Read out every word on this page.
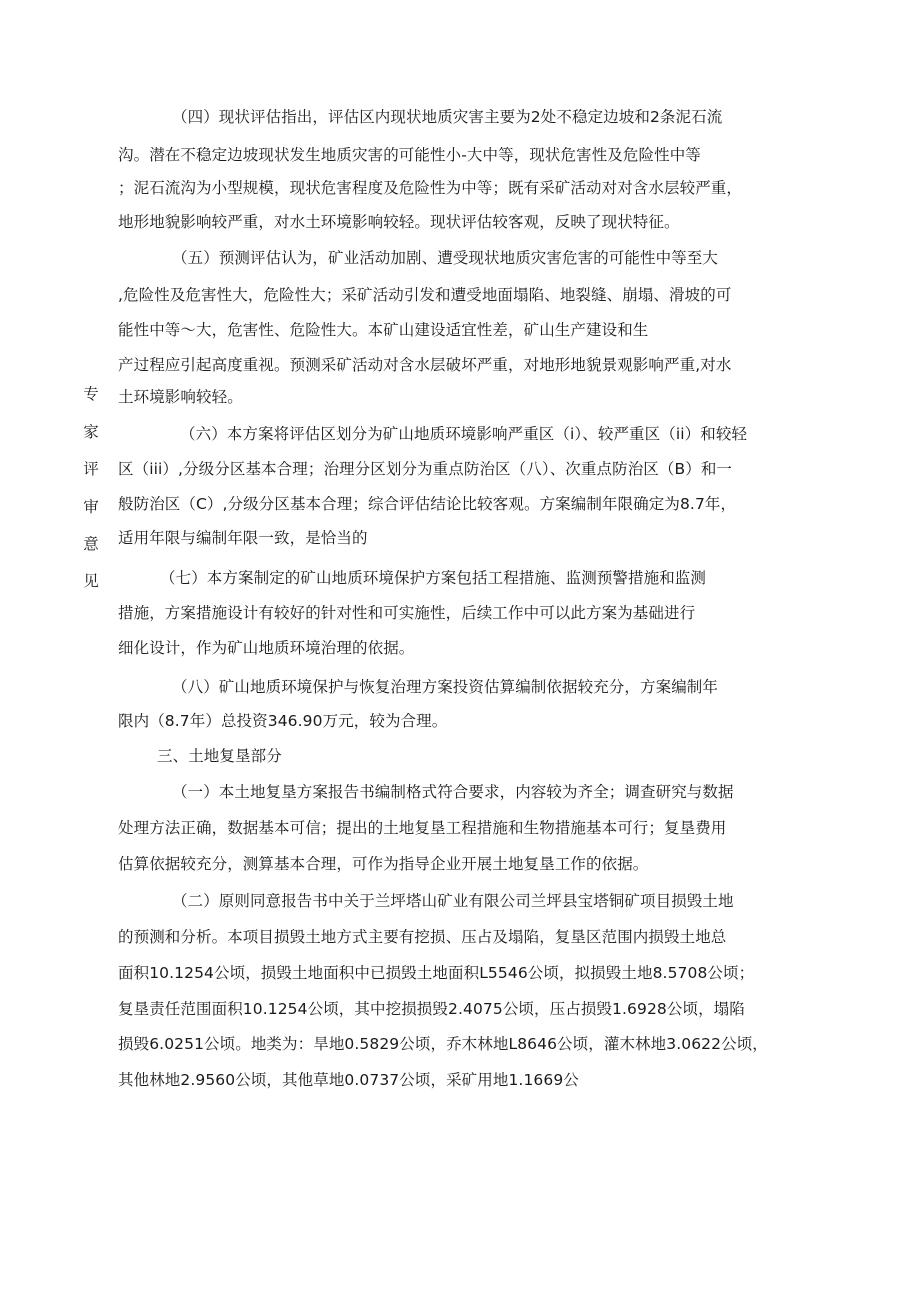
专
家
评
审
意
见
（四）现状评估指出，评估区内现状地质灾害主要为2处不稳定边坡和2条泥石流
沟。潜在不稳定边坡现状发生地质灾害的可能性小-大中等，现状危害性及危险性中等
；泥石流沟为小型规模，现状危害程度及危险性为中等；既有采矿活动对对含水层较严重，
地形地貌影响较严重，对水土环境影响较轻。现状评估较客观，反映了现状特征。
（五）预测评估认为，矿业活动加剧、遭受现状地质灾害危害的可能性中等至大
,危险性及危害性大，危险性大；采矿活动引发和遭受地面塌陷、地裂缝、崩塌、滑坡的可
能性中等～大，危害性、危险性大。本矿山建设适宜性差，矿山生产建设和生
产过程应引起高度重视。预测采矿活动对含水层破坏严重，对地形地貌景观影响严重,对水
土环境影响较轻。
（六）本方案将评估区划分为矿山地质环境影响严重区（i）、较严重区（ii）和较轻
区（iii）,分级分区基本合理；治理分区划分为重点防治区（八）、次重点防治区（B）和一
般防治区（C）,分级分区基本合理；综合评估结论比较客观。方案编制年限确定为8.7年，
适用年限与编制年限一致，是恰当的
（七）本方案制定的矿山地质环境保护方案包括工程措施、监测预警措施和监测
措施，方案措施设计有较好的针对性和可实施性，后续工作中可以此方案为基础进行
细化设计，作为矿山地质环境治理的依据。
（八）矿山地质环境保护与恢复治理方案投资估算编制依据较充分，方案编制年
限内（8.7年）总投资346.90万元，较为合理。
三、土地复垦部分
（一）本土地复垦方案报告书编制格式符合要求，内容较为齐全；调查研究与数据
处理方法正确，数据基本可信；提出的土地复垦工程措施和生物措施基本可行；复垦费用
估算依据较充分，测算基本合理，可作为指导企业开展土地复垦工作的依据。
（二）原则同意报告书中关于兰坪塔山矿业有限公司兰坪县宝塔铜矿项目损毁土地
的预测和分析。本项目损毁土地方式主要有挖损、压占及塌陷，复垦区范围内损毁土地总
面积10.1254公顷，损毁土地面积中已损毁土地面积L5546公顷，拟损毁土地8.5708公顷；
复垦责任范围面积10.1254公顷，其中挖损损毁2.4075公顷，压占损毁1.6928公顷，塌陷
损毁6.0251公顷。地类为：旱地0.5829公顷，乔木林地L8646公顷，灌木林地3.0622公顷，
其他林地2.9560公顷，其他草地0.0737公顷，采矿用地1.1669公
